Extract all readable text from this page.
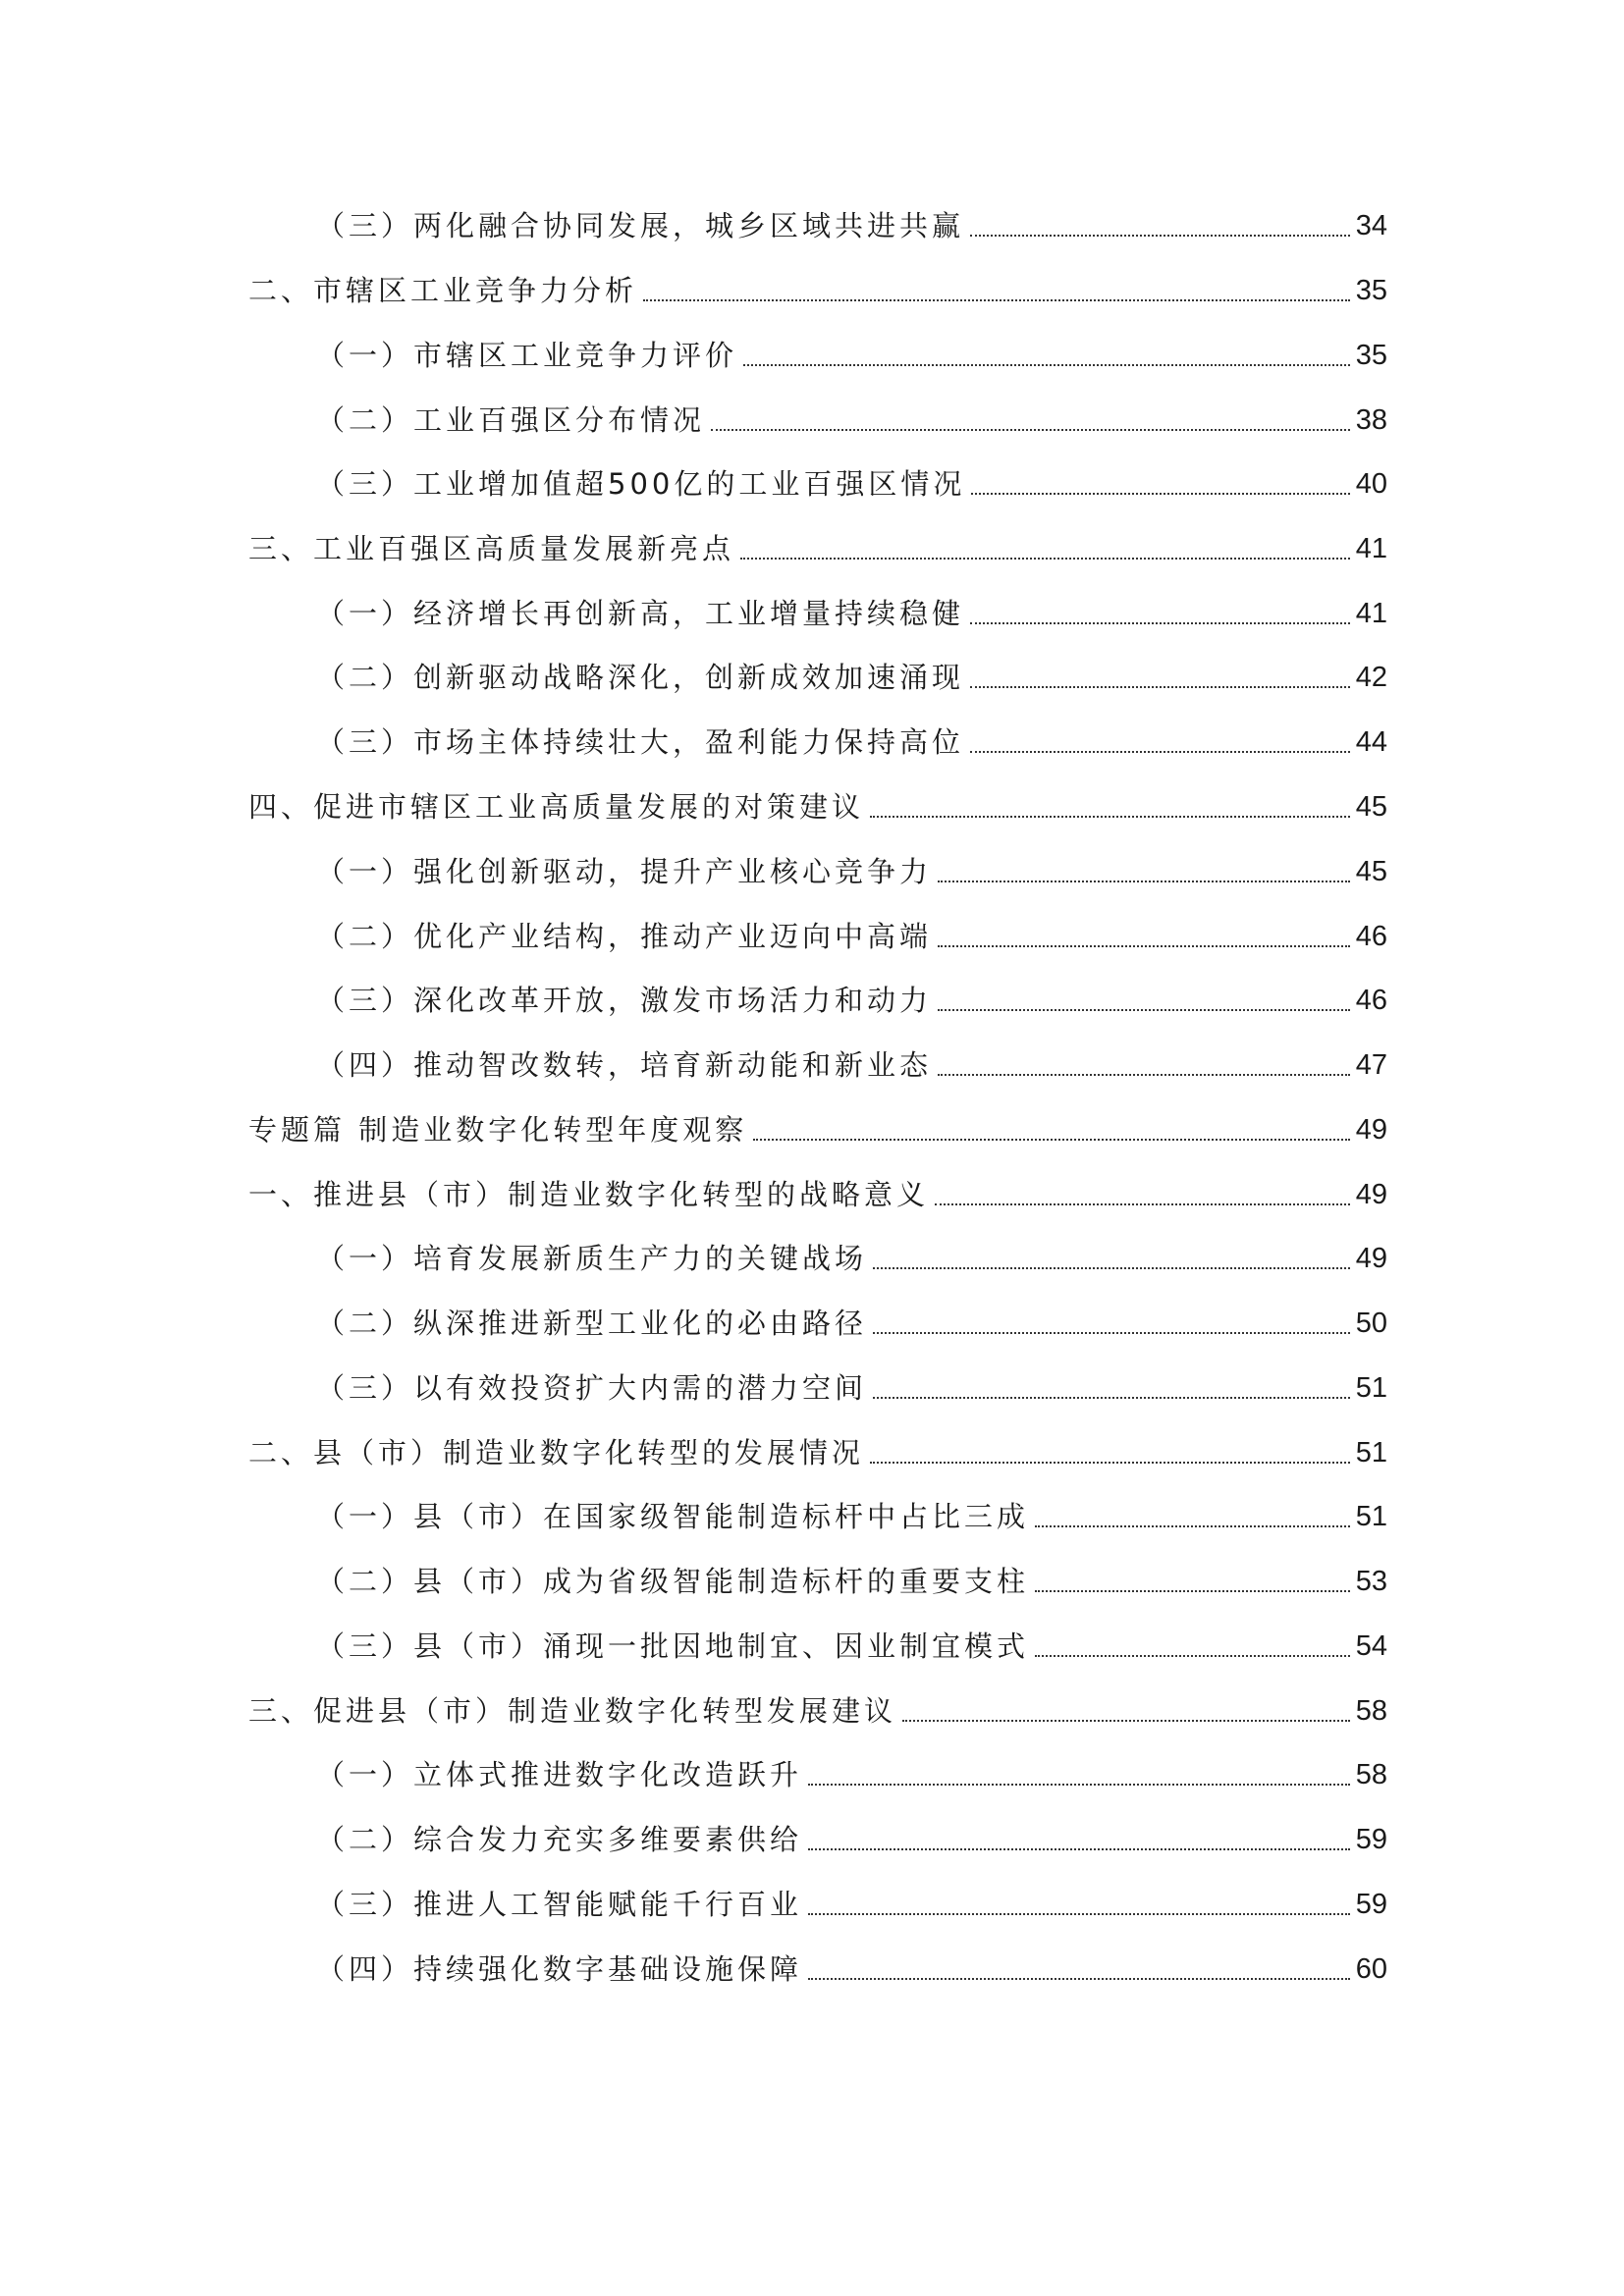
（三）两化融合协同发展，城乡区域共进共赢	34
二、市辖区工业竞争力分析	35
（一）市辖区工业竞争力评价	35
（二）工业百强区分布情况	38
（三）工业增加值超500亿的工业百强区情况	40
三、工业百强区高质量发展新亮点	41
（一）经济增长再创新高，工业增量持续稳健	41
（二）创新驱动战略深化，创新成效加速涌现	42
（三）市场主体持续壮大，盈利能力保持高位	44
四、促进市辖区工业高质量发展的对策建议	45
（一）强化创新驱动，提升产业核心竞争力	45
（二）优化产业结构，推动产业迈向中高端	46
（三）深化改革开放，激发市场活力和动力	46
（四）推动智改数转，培育新动能和新业态	47
专题篇 制造业数字化转型年度观察	49
一、推进县（市）制造业数字化转型的战略意义	49
（一）培育发展新质生产力的关键战场	49
（二）纵深推进新型工业化的必由路径	50
（三）以有效投资扩大内需的潜力空间	51
二、县（市）制造业数字化转型的发展情况	51
（一）县（市）在国家级智能制造标杆中占比三成	51
（二）县（市）成为省级智能制造标杆的重要支柱	53
（三）县（市）涌现一批因地制宜、因业制宜模式	54
三、促进县（市）制造业数字化转型发展建议	58
（一）立体式推进数字化改造跃升	58
（二）综合发力充实多维要素供给	59
（三）推进人工智能赋能千行百业	59
（四）持续强化数字基础设施保障	60
